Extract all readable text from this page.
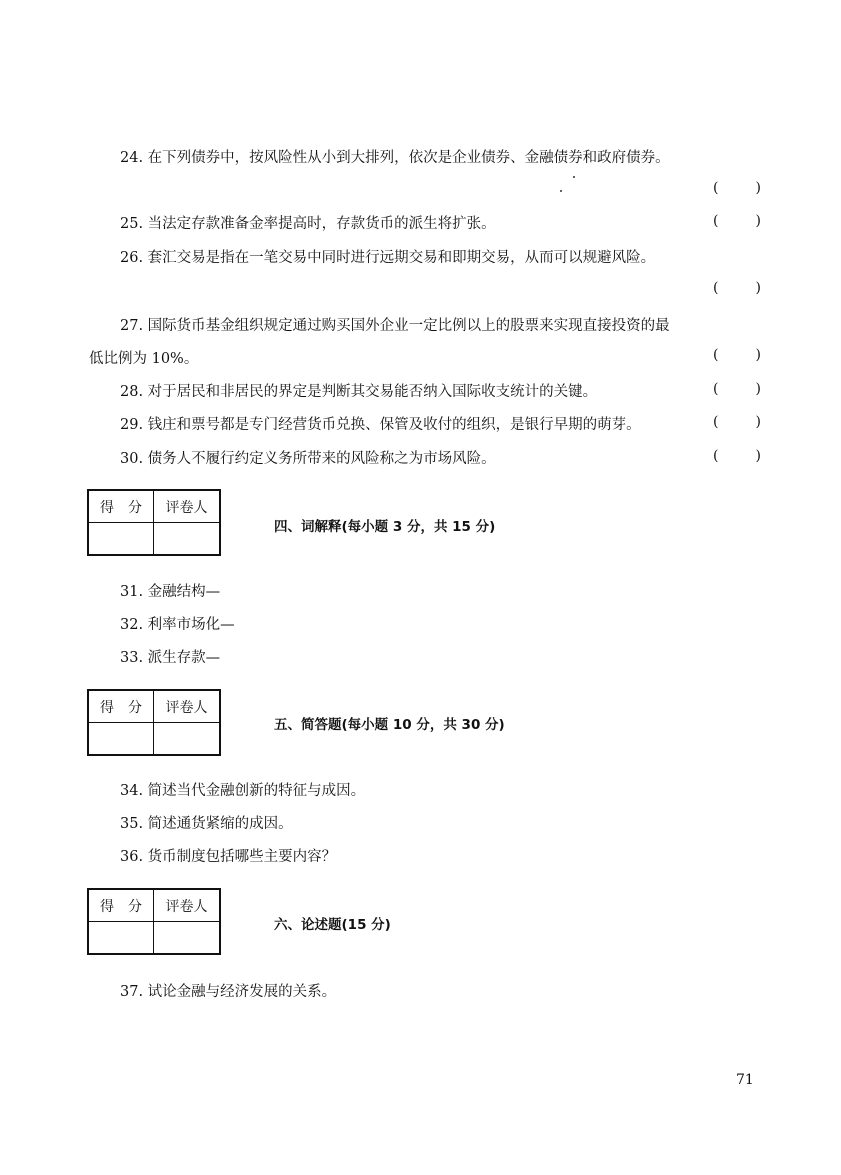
24. 在下列债券中，按风险性从小到大排列，依次是企业债券、金融债券和政府债券。
(	)
25. 当法定存款准备金率提高时，存款货币的派生将扩张。	(	)
26. 套汇交易是指在一笔交易中同时进行远期交易和即期交易，从而可以规避风险。
(	)
27. 国际货币基金组织规定通过购买国外企业一定比例以上的股票来实现直接投资的最
低比例为 10%。	(	)
28. 对于居民和非居民的界定是判断其交易能否纳入国际收支统计的关键。	(	)
29. 钱庄和票号都是专门经营货币兑换、保管及收付的组织，是银行早期的萌芽。	(	)
30. 债务人不履行约定义务所带来的风险称之为市场风险。	(	)
得　分	评卷人

四、词解释(每小题 3 分，共 15 分)
31. 金融结构—
32. 利率市场化—
33. 派生存款—
得　分	评卷人

五、简答题(每小题 10 分，共 30 分)
34. 简述当代金融创新的特征与成因。
35. 简述通货紧缩的成因。
36. 货币制度包括哪些主要内容？
得　分	评卷人

六、论述题(15 分)
37. 试论金融与经济发展的关系。
71
